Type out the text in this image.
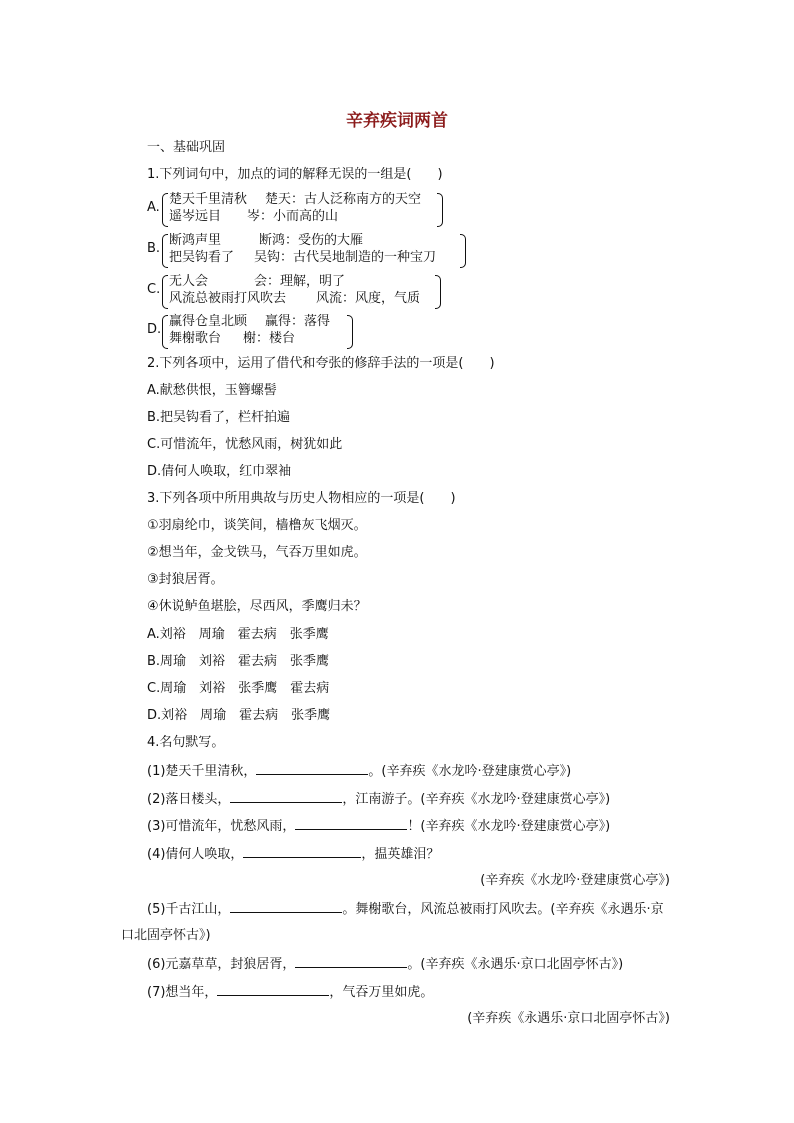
辛弃疾词两首
一、基础巩固
1.下列词句中，加点的词的解释无误的一组是(　　)
A.
楚天千里清秋 楚天：古人泛称南方的天空
遥岑远目 岑：小而高的山
B.
断鸿声里	断鸿：受伤的大雁
把吴钩看了 吴钩：古代吴地制造的一种宝刀
C.
无人会	会：理解，明了
风流总被雨打风吹去 风流：风度，气质
D.
赢得仓皇北顾 赢得：落得
舞榭歌台 榭：楼台
2.下列各项中，运用了借代和夸张的修辞手法的一项是(　　)
A.献愁供恨，玉簪螺髻
B.把吴钩看了，栏杆拍遍
C.可惜流年，忧愁风雨，树犹如此
D.倩何人唤取，红巾翠袖
3.下列各项中所用典故与历史人物相应的一项是(　　)
①羽扇纶巾，谈笑间，樯橹灰飞烟灭。
②想当年，金戈铁马，气吞万里如虎。
③封狼居胥。
④休说鲈鱼堪脍，尽西风，季鹰归未？
A.刘裕　周瑜　霍去病　张季鹰
B.周瑜　刘裕　霍去病　张季鹰
C.周瑜　刘裕　张季鹰　霍去病
D.刘裕　周瑜　霍去病　张季鹰
4.名句默写。
(1)楚天千里清秋，	。(辛弃疾《水龙吟·登建康赏心亭》)
(2)落日楼头，	，江南游子。(辛弃疾《水龙吟·登建康赏心亭》)
(3)可惜流年，忧愁风雨，	！(辛弃疾《水龙吟·登建康赏心亭》)
(4)倩何人唤取，	，揾英雄泪？
(辛弃疾《水龙吟·登建康赏心亭》)
(5)千古江山，	。舞榭歌台，风流总被雨打风吹去。(辛弃疾《永遇乐·京
口北固亭怀古》)
(6)元嘉草草，封狼居胥，	。(辛弃疾《永遇乐·京口北固亭怀古》)
(7)想当年，	，气吞万里如虎。
(辛弃疾《永遇乐·京口北固亭怀古》)
